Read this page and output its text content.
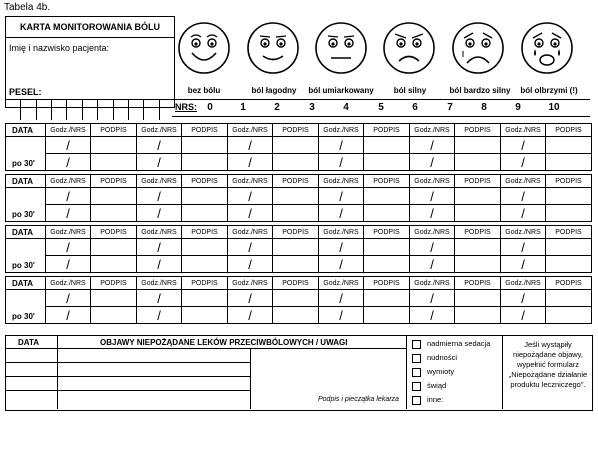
Tabela 4b.
KARTA MONITOROWANIA BÓLU
Imię i nazwisko pacjenta:
PESEL:	bez bólu	ból łagodny	ból umiarkowany	ból silny	ból bardzo silny	ból olbrzymi (!)
NRS:	0	1	2	3	4	5	6	7	8	9	10
DATA	Godz./NRS	PODPIS	Godz./NRS	PODPIS	Godz./NRS	PODPIS	Godz./NRS	PODPIS	Godz./NRS	PODPIS	Godz./NRS	PODPIS
po 30'	/		/		/		/		/		/	
	/		/		/		/		/		/	

DATA	Godz./NRS	PODPIS	Godz./NRS	PODPIS	Godz./NRS	PODPIS	Godz./NRS	PODPIS	Godz./NRS	PODPIS	Godz./NRS	PODPIS
po 30'	/		/		/		/		/		/	
	/		/		/		/		/		/	

DATA	Godz./NRS	PODPIS	Godz./NRS	PODPIS	Godz./NRS	PODPIS	Godz./NRS	PODPIS	Godz./NRS	PODPIS	Godz./NRS	PODPIS
po 30'	/		/		/		/		/		/	
	/		/		/		/		/		/	

DATA	Godz./NRS	PODPIS	Godz./NRS	PODPIS	Godz./NRS	PODPIS	Godz./NRS	PODPIS	Godz./NRS	PODPIS	Godz./NRS	PODPIS
po 30'	/		/		/		/		/		/	
	/		/		/		/		/		/	
DATA	OBJAWY NIEPOŻĄDANE LEKÓW PRZECIWBÓLOWYCH / UWAGI
Podpis i pieczątka lekarza
nadmierna sedacja
nudności
wymioty
świąd
inne:
Jeśli wystąpiły niepożądane objawy, wypełnić formularz „Niepożądane działanie produktu leczniczego".
